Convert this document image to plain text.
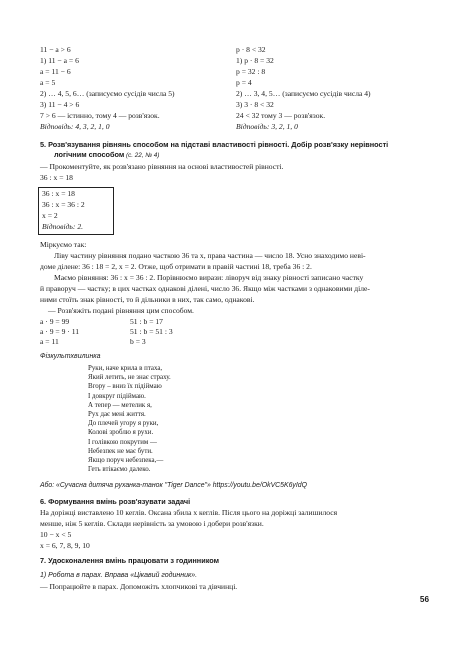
11 − a > 6
1) 11 − a = 6
a = 11 − 6
a = 5
2) … 4, 5, 6… (записуємо сусідів числа 5)
3) 11 − 4 > 6
7 > 6 — істинно, тому 4 — розв'язок.
Відповідь: 4, 3, 2, 1, 0
p · 8 < 32
1) p · 8 = 32
p = 32 : 8
p = 4
2) … 3, 4, 5… (записуємо сусідів числа 4)
3) 3 · 8 < 32
24 < 32 тому 3 — розв'язок.
Відповідь: 3, 2, 1, 0
5. Розв'язування рівнянь способом на підставі властивості рівності. Добір розв'язку нерівності
логічним способом (с. 22, № 4)
— Прокоментуйте, як розв'язано рівняння на основі властивостей рівності.
36 : x = 18
36 : x = 18
36 : x = 36 : 2
x = 2
Відповідь: 2.
Міркуємо так:
Ліву частину рівняння подано часткою 36 та x, права частина — число 18. Усно знаходимо неві-
доме ділене: 36 : 18 = 2, x = 2. Отже, щоб отримати в правій частині 18, треба 36 : 2.
Маємо рівняння: 36 : x = 36 : 2. Порівнюємо вирази: ліворуч від знаку рівності записано частку
й праворуч — частку; в цих частках однакові ділені, число 36. Якщо між частками з однаковими діле-
ними стоїть знак рівності, то й дільники в них, так само, однакові.
— Розв'яжіть подані рівняння цим способом.
a · 9 = 99
a · 9 = 9 · 11
a = 11
51 : b = 17
51 : b = 51 : 3
b = 3
Фізкультхвилинка
Руки, наче крила в птаха,
Який летить, не знає страху.
Вгору – вниз їх підіймаю
І довкруг підіймаю.
А тепер — метелик я,
Рух дає мені життя.
До плечей угору я руки,
Колові зроблю я рухи.
І голівкою покрутим —
Небезпек не має бути.
Якщо поруч небезпека,—
Геть втікаємо далеко.
Або: «Сучасна дитяча руханка-танок "Tiger Dance"» https://youtu.be/OkVC5K6yIdQ
6. Формування вмінь розв'язувати задачі
На доріжці виставлено 10 кеглів. Оксана збила x кеглів. Після цього на доріжці залишилося
менше, ніж 5 кеглів. Склади нерівність за умовою і добери розв'язки.
10 − x < 5
x = 6, 7, 8, 9, 10
7. Удосконалення вмінь працювати з годинником
1) Робота в парах. Вправа «Цікавий годинник».
— Попрацюйте в парах. Допоможіть хлопчикові та дівчинці.
56
